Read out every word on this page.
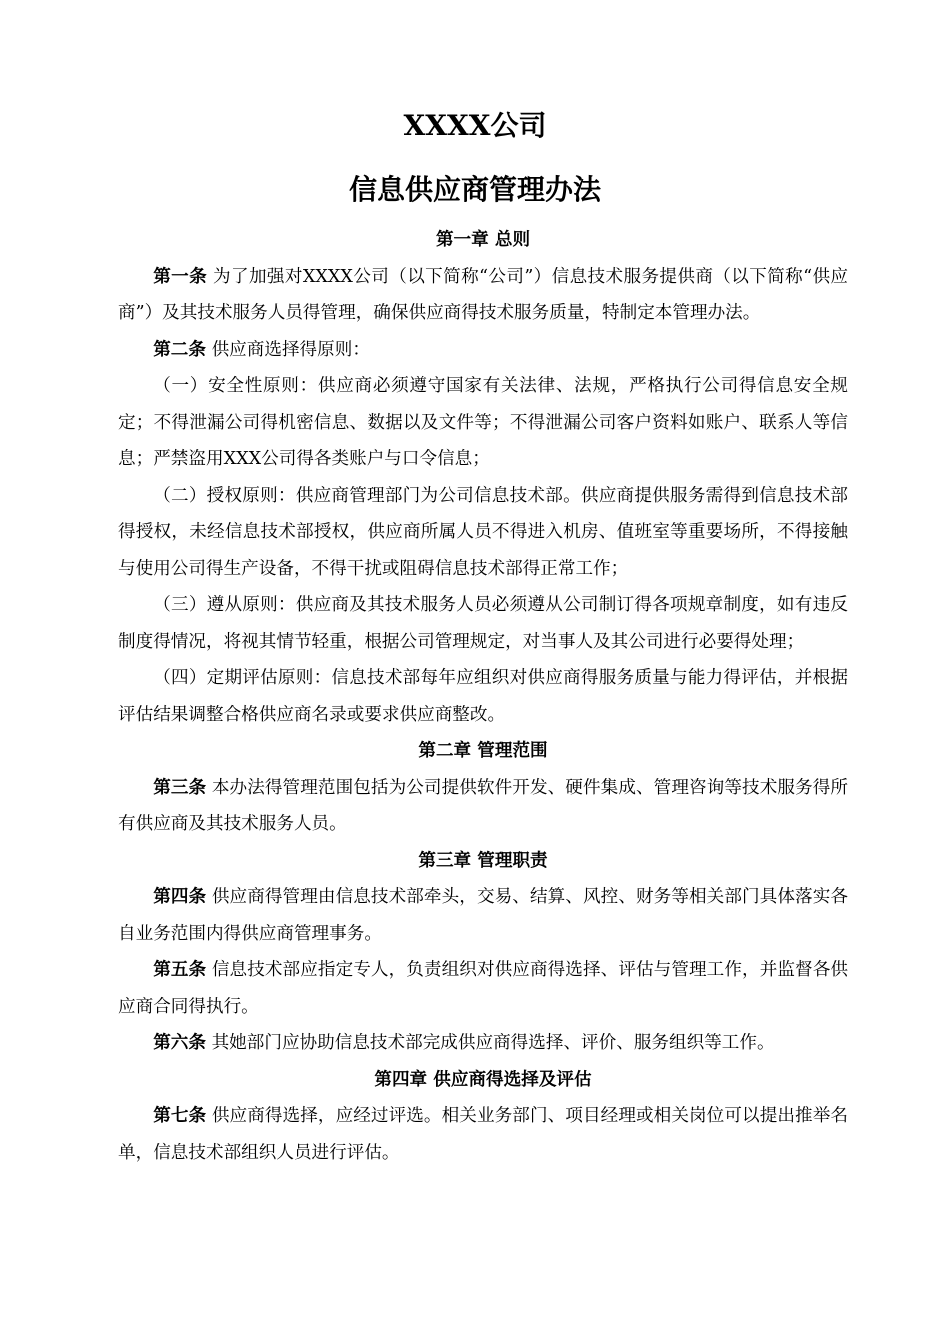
XXXX公司
信息供应商管理办法
第一章 总则

第一条 为了加强对XXXX公司（以下简称“公司”）信息技术服务提供商（以下简称“供应商”）及其技术服务人员得管理，确保供应商得技术服务质量，特制定本管理办法。

第二条 供应商选择得原则：

（一）安全性原则：供应商必须遵守国家有关法律、法规，严格执行公司得信息安全规定；不得泄漏公司得机密信息、数据以及文件等；不得泄漏公司客户资料如账户、联系人等信息；严禁盗用XXX公司得各类账户与口令信息；

（二）授权原则：供应商管理部门为公司信息技术部。供应商提供服务需得到信息技术部得授权，未经信息技术部授权，供应商所属人员不得进入机房、值班室等重要场所，不得接触与使用公司得生产设备，不得干扰或阻碍信息技术部得正常工作；

（三）遵从原则：供应商及其技术服务人员必须遵从公司制订得各项规章制度，如有违反制度得情况，将视其情节轻重，根据公司管理规定，对当事人及其公司进行必要得处理；

（四）定期评估原则：信息技术部每年应组织对供应商得服务质量与能力得评估，并根据评估结果调整合格供应商名录或要求供应商整改。

第二章 管理范围

第三条 本办法得管理范围包括为公司提供软件开发、硬件集成、管理咨询等技术服务得所有供应商及其技术服务人员。

第三章 管理职责

第四条 供应商得管理由信息技术部牵头，交易、结算、风控、财务等相关部门具体落实各自业务范围内得供应商管理事务。

第五条 信息技术部应指定专人，负责组织对供应商得选择、评估与管理工作，并监督各供应商合同得执行。

第六条 其她部门应协助信息技术部完成供应商得选择、评价、服务组织等工作。

第四章 供应商得选择及评估

第七条 供应商得选择，应经过评选。相关业务部门、项目经理或相关岗位可以提出推举名单，信息技术部组织人员进行评估。
